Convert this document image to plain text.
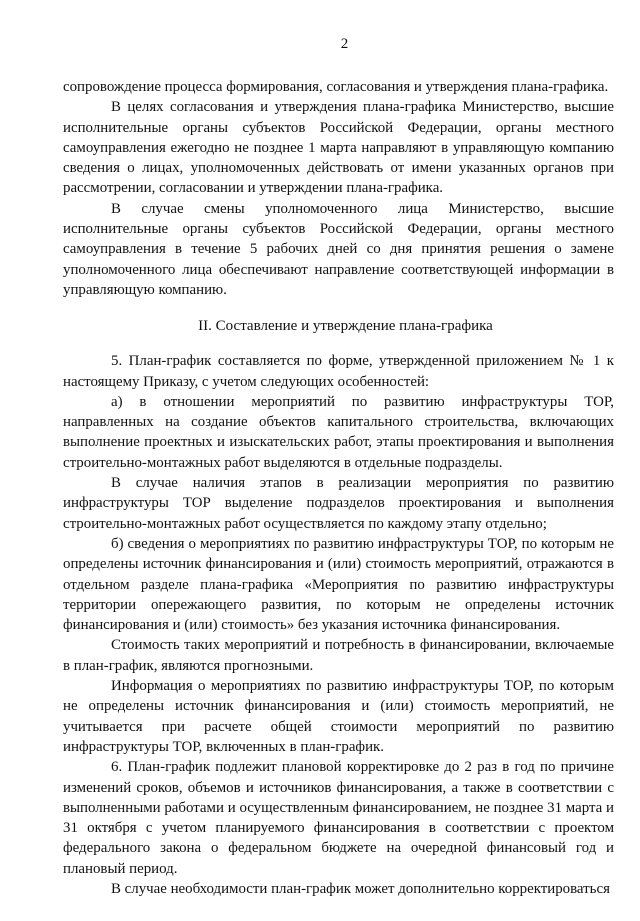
2

сопровождение процесса формирования, согласования и утверждения плана-графика.

В целях согласования и утверждения плана-графика Министерство, высшие исполнительные органы субъектов Российской Федерации, органы местного самоуправления ежегодно не позднее 1 марта направляют в управляющую компанию сведения о лицах, уполномоченных действовать от имени указанных органов при рассмотрении, согласовании и утверждении плана-графика.

В случае смены уполномоченного лица Министерство, высшие исполнительные органы субъектов Российской Федерации, органы местного самоуправления в течение 5 рабочих дней со дня принятия решения о замене уполномоченного лица обеспечивают направление соответствующей информации в управляющую компанию.

II. Составление и утверждение плана-графика

5. План-график составляется по форме, утвержденной приложением № 1 к настоящему Приказу, с учетом следующих особенностей:

а) в отношении мероприятий по развитию инфраструктуры ТОР, направленных на создание объектов капитального строительства, включающих выполнение проектных и изыскательских работ, этапы проектирования и выполнения строительно-монтажных работ выделяются в отдельные подразделы.

В случае наличия этапов в реализации мероприятия по развитию инфраструктуры ТОР выделение подразделов проектирования и выполнения строительно-монтажных работ осуществляется по каждому этапу отдельно;

б) сведения о мероприятиях по развитию инфраструктуры ТОР, по которым не определены источник финансирования и (или) стоимость мероприятий, отражаются в отдельном разделе плана-графика «Мероприятия по развитию инфраструктуры территории опережающего развития, по которым не определены источник финансирования и (или) стоимость» без указания источника финансирования.

Стоимость таких мероприятий и потребность в финансировании, включаемые в план-график, являются прогнозными.

Информация о мероприятиях по развитию инфраструктуры ТОР, по которым не определены источник финансирования и (или) стоимость мероприятий, не учитывается при расчете общей стоимости мероприятий по развитию инфраструктуры ТОР, включенных в план-график.

6. План-график подлежит плановой корректировке до 2 раз в год по причине изменений сроков, объемов и источников финансирования, а также в соответствии с выполненными работами и осуществленным финансированием, не позднее 31 марта и 31 октября с учетом планируемого финансирования в соответствии с проектом федерального закона о федеральном бюджете на очередной финансовый год и плановый период.

В случае необходимости план-график может дополнительно корректироваться
